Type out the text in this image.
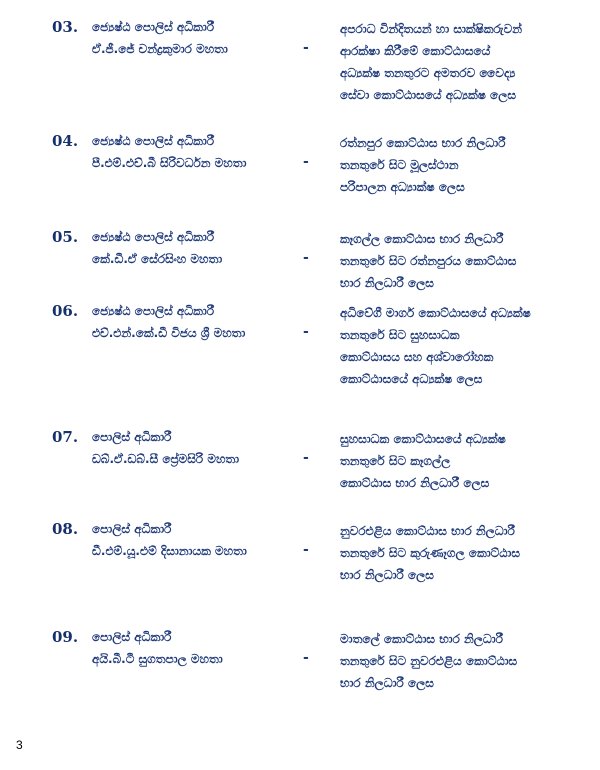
03. ජ්‍යෙෂ්ඨ පොලිස් අධිකාරී
ඒ.ජී.ජේ චන්ද්‍රකුමාර මහතා	-
අපරාධ වින්දිතයන් හා සාක්ෂිකරුවන්
ආරක්ෂා කිරීමේ කොට්ඨාසයේ
අධ්‍යක්ෂ තනතුරට අමතරව වෛද්‍ය
සේවා කොට්ඨාසයේ අධ්‍යක්ෂ ලෙස
04. ජ්‍යෙෂ්ඨ පොලිස් අධිකාරී
පී.එම්.එච්.බී සිරිවර්ධන මහතා	-
රත්නපුර කොට්ඨාස භාර නිලධාරී
තනතුරේ සිට මූලස්ථාන
පරිපාලන අධ්‍යාක්ෂ ලෙස
05. ජ්‍යෙෂ්ඨ පොලිස් අධිකාරී
කේ.ඩී.ඒ සේරසිංහ මහතා	-
කෑගල්ල කොට්ඨාස භාර නිලධාරී
තනතුරේ සිට රත්නපුරය කොට්ඨාස
භාර නිලධාරී ලෙස
06. ජ්‍යෙෂ්ඨ පොලිස් අධිකාරී
එච්.එන්.කේ.ඩී විජය ශ්‍රී මහතා	-
අධිවේගී මාර්ග කොට්ඨාසයේ අධ්‍යක්ෂ
තනතුරේ සිට සුහසාධක
කොට්ඨාසය සහ අශ්වාරෝහක
කොට්ඨාසයේ අධ්‍යක්ෂ ලෙස
07. පොලිස් අධිකාරී
ඩබ්.ඒ.ඩබ්.සී ප්‍රේමසිරි මහතා	-
සුහසාධක කොට්ඨාසයේ අධ්‍යක්ෂ
තනතුරේ සිට කෑගල්ල
කොට්ඨාස භාර නිලධාරී ලෙස
08. පොලිස් අධිකාරී
ඩී.එම්.යූ.එම් දිසානායක මහතා	-
නුවරඑළිය කොට්ඨාස භාර නිලධාරී
තනතුරේ සිට කුරුණෑගල කොට්ඨාස
භාර නිලධාරී ලෙස
09. පොලිස් අධිකාරී
අයි.බී.ටී සුගතපාල මහතා	-
මාතලේ කොට්ඨාස භාර නිලධාරී
තනතුරේ සිට නුවරඑළිය කොට්ඨාස
භාර නිලධාරී ලෙස
3
